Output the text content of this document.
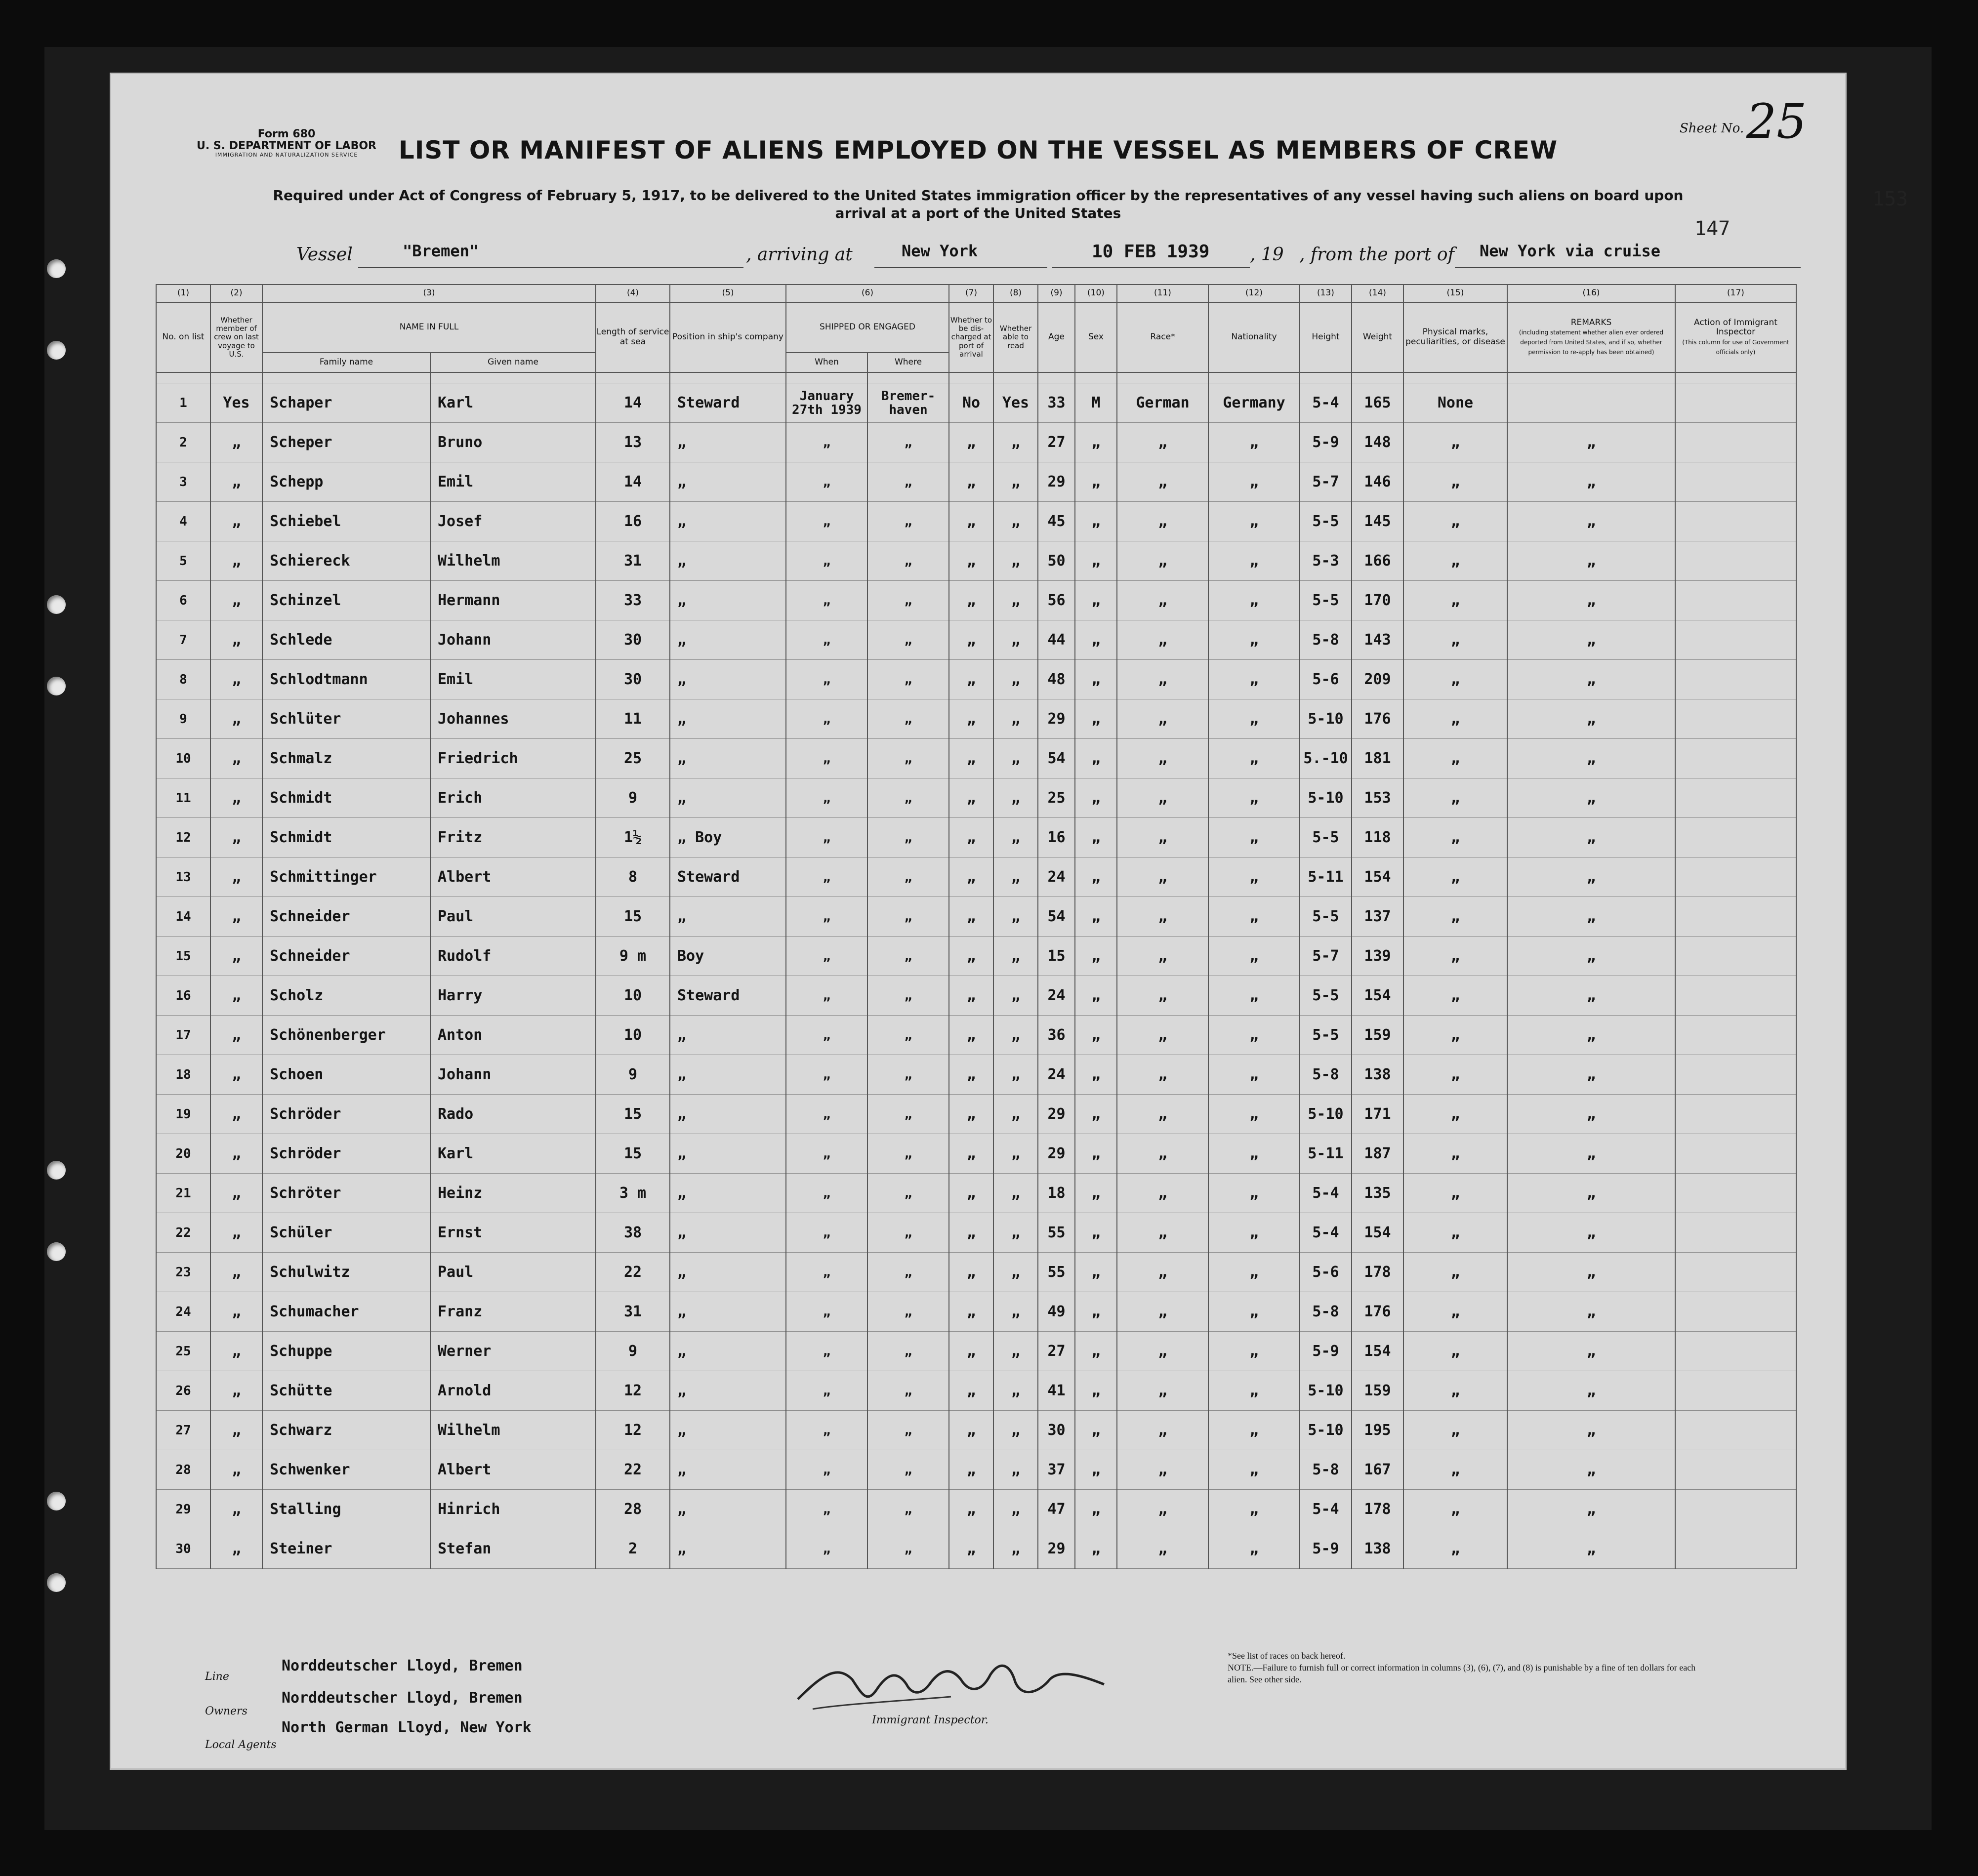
153
Form 680
U. S. DEPARTMENT OF LABOR
IMMIGRATION AND NATURALIZATION SERVICE
Sheet No. 25
147
LIST OR MANIFEST OF ALIENS EMPLOYED ON THE VESSEL AS MEMBERS OF CREW
Required under Act of Congress of February 5, 1917, to be delivered to the United States immigration officer by the representatives of any vessel having such aliens on board upon arrival at a port of the United States
Vessel	"Bremen"	, arriving at	New York	10 FEB 1939 , 19 , from the port of New York via cruise
(1)	(2)	(3)		(4)	(5)	(6)		(7)	(8)	(9)	(10)	(11)	(12)	(13)	(14)	(15)	(16)	(17)
No. on list	Whether member of crew on last voyage to U.S.	NAME IN FULL		Length of service at sea	Position in ship's company	SHIPPED OR ENGAGED		Whether to be dis-charged at port of arrival	Whether able to read	Age	Sex	Race*	Nationality	Height	Weight	Physical marks, peculiarities, or disease	REMARKS
(including statement whether alien ever ordered deported from United States, and if so, whether permission to re-apply has been obtained)	Action of Immigrant Inspector
(This column for use of Government officials only)
		Family name	Given name			When	Where											

1	Yes	Schaper	Karl	14	Steward	January 27th 1939	Bremer- haven	No	Yes	33	M	German	Germany	5-4	165	None		
2	„	Scheper	Bruno	13	„	„	„	„	„	27	„	„	„	5-9	148	„	„	
3	„	Schepp	Emil	14	„	„	„	„	„	29	„	„	„	5-7	146	„	„	
4	„	Schiebel	Josef	16	„	„	„	„	„	45	„	„	„	5-5	145	„	„	
5	„	Schiereck	Wilhelm	31	„	„	„	„	„	50	„	„	„	5-3	166	„	„	
6	„	Schinzel	Hermann	33	„	„	„	„	„	56	„	„	„	5-5	170	„	„	
7	„	Schlede	Johann	30	„	„	„	„	„	44	„	„	„	5-8	143	„	„	
8	„	Schlodtmann	Emil	30	„	„	„	„	„	48	„	„	„	5-6	209	„	„	
9	„	Schlüter	Johannes	11	„	„	„	„	„	29	„	„	„	5-10	176	„	„	
10	„	Schmalz	Friedrich	25	„	„	„	„	„	54	„	„	„	5.-10	181	„	„	
11	„	Schmidt	Erich	9	„	„	„	„	„	25	„	„	„	5-10	153	„	„	
12	„	Schmidt	Fritz	1½	„ Boy	„	„	„	„	16	„	„	„	5-5	118	„	„	
13	„	Schmittinger	Albert	8	Steward	„	„	„	„	24	„	„	„	5-11	154	„	„	
14	„	Schneider	Paul	15	„	„	„	„	„	54	„	„	„	5-5	137	„	„	
15	„	Schneider	Rudolf	9 m	Boy	„	„	„	„	15	„	„	„	5-7	139	„	„	
16	„	Scholz	Harry	10	Steward	„	„	„	„	24	„	„	„	5-5	154	„	„	
17	„	Schönenberger	Anton	10	„	„	„	„	„	36	„	„	„	5-5	159	„	„	
18	„	Schoen	Johann	9	„	„	„	„	„	24	„	„	„	5-8	138	„	„	
19	„	Schröder	Rado	15	„	„	„	„	„	29	„	„	„	5-10	171	„	„	
20	„	Schröder	Karl	15	„	„	„	„	„	29	„	„	„	5-11	187	„	„	
21	„	Schröter	Heinz	3 m	„	„	„	„	„	18	„	„	„	5-4	135	„	„	
22	„	Schüler	Ernst	38	„	„	„	„	„	55	„	„	„	5-4	154	„	„	
23	„	Schulwitz	Paul	22	„	„	„	„	„	55	„	„	„	5-6	178	„	„	
24	„	Schumacher	Franz	31	„	„	„	„	„	49	„	„	„	5-8	176	„	„	
25	„	Schuppe	Werner	9	„	„	„	„	„	27	„	„	„	5-9	154	„	„	
26	„	Schütte	Arnold	12	„	„	„	„	„	41	„	„	„	5-10	159	„	„	
27	„	Schwarz	Wilhelm	12	„	„	„	„	„	30	„	„	„	5-10	195	„	„	
28	„	Schwenker	Albert	22	„	„	„	„	„	37	„	„	„	5-8	167	„	„	
29	„	Stalling	Hinrich	28	„	„	„	„	„	47	„	„	„	5-4	178	„	„	
30	„	Steiner	Stefan	2	„	„	„	„	„	29	„	„	„	5-9	138	„	„	
Line
Norddeutscher Lloyd, Bremen
Owners
Norddeutscher Lloyd, Bremen
Local Agents
North German Lloyd, New York	Immigrant Inspector.
*See list of races on back hereof.
NOTE.—Failure to furnish full or correct information in columns (3), (6), (7), and (8) is punishable by a fine of ten dollars for each alien. See other side.
